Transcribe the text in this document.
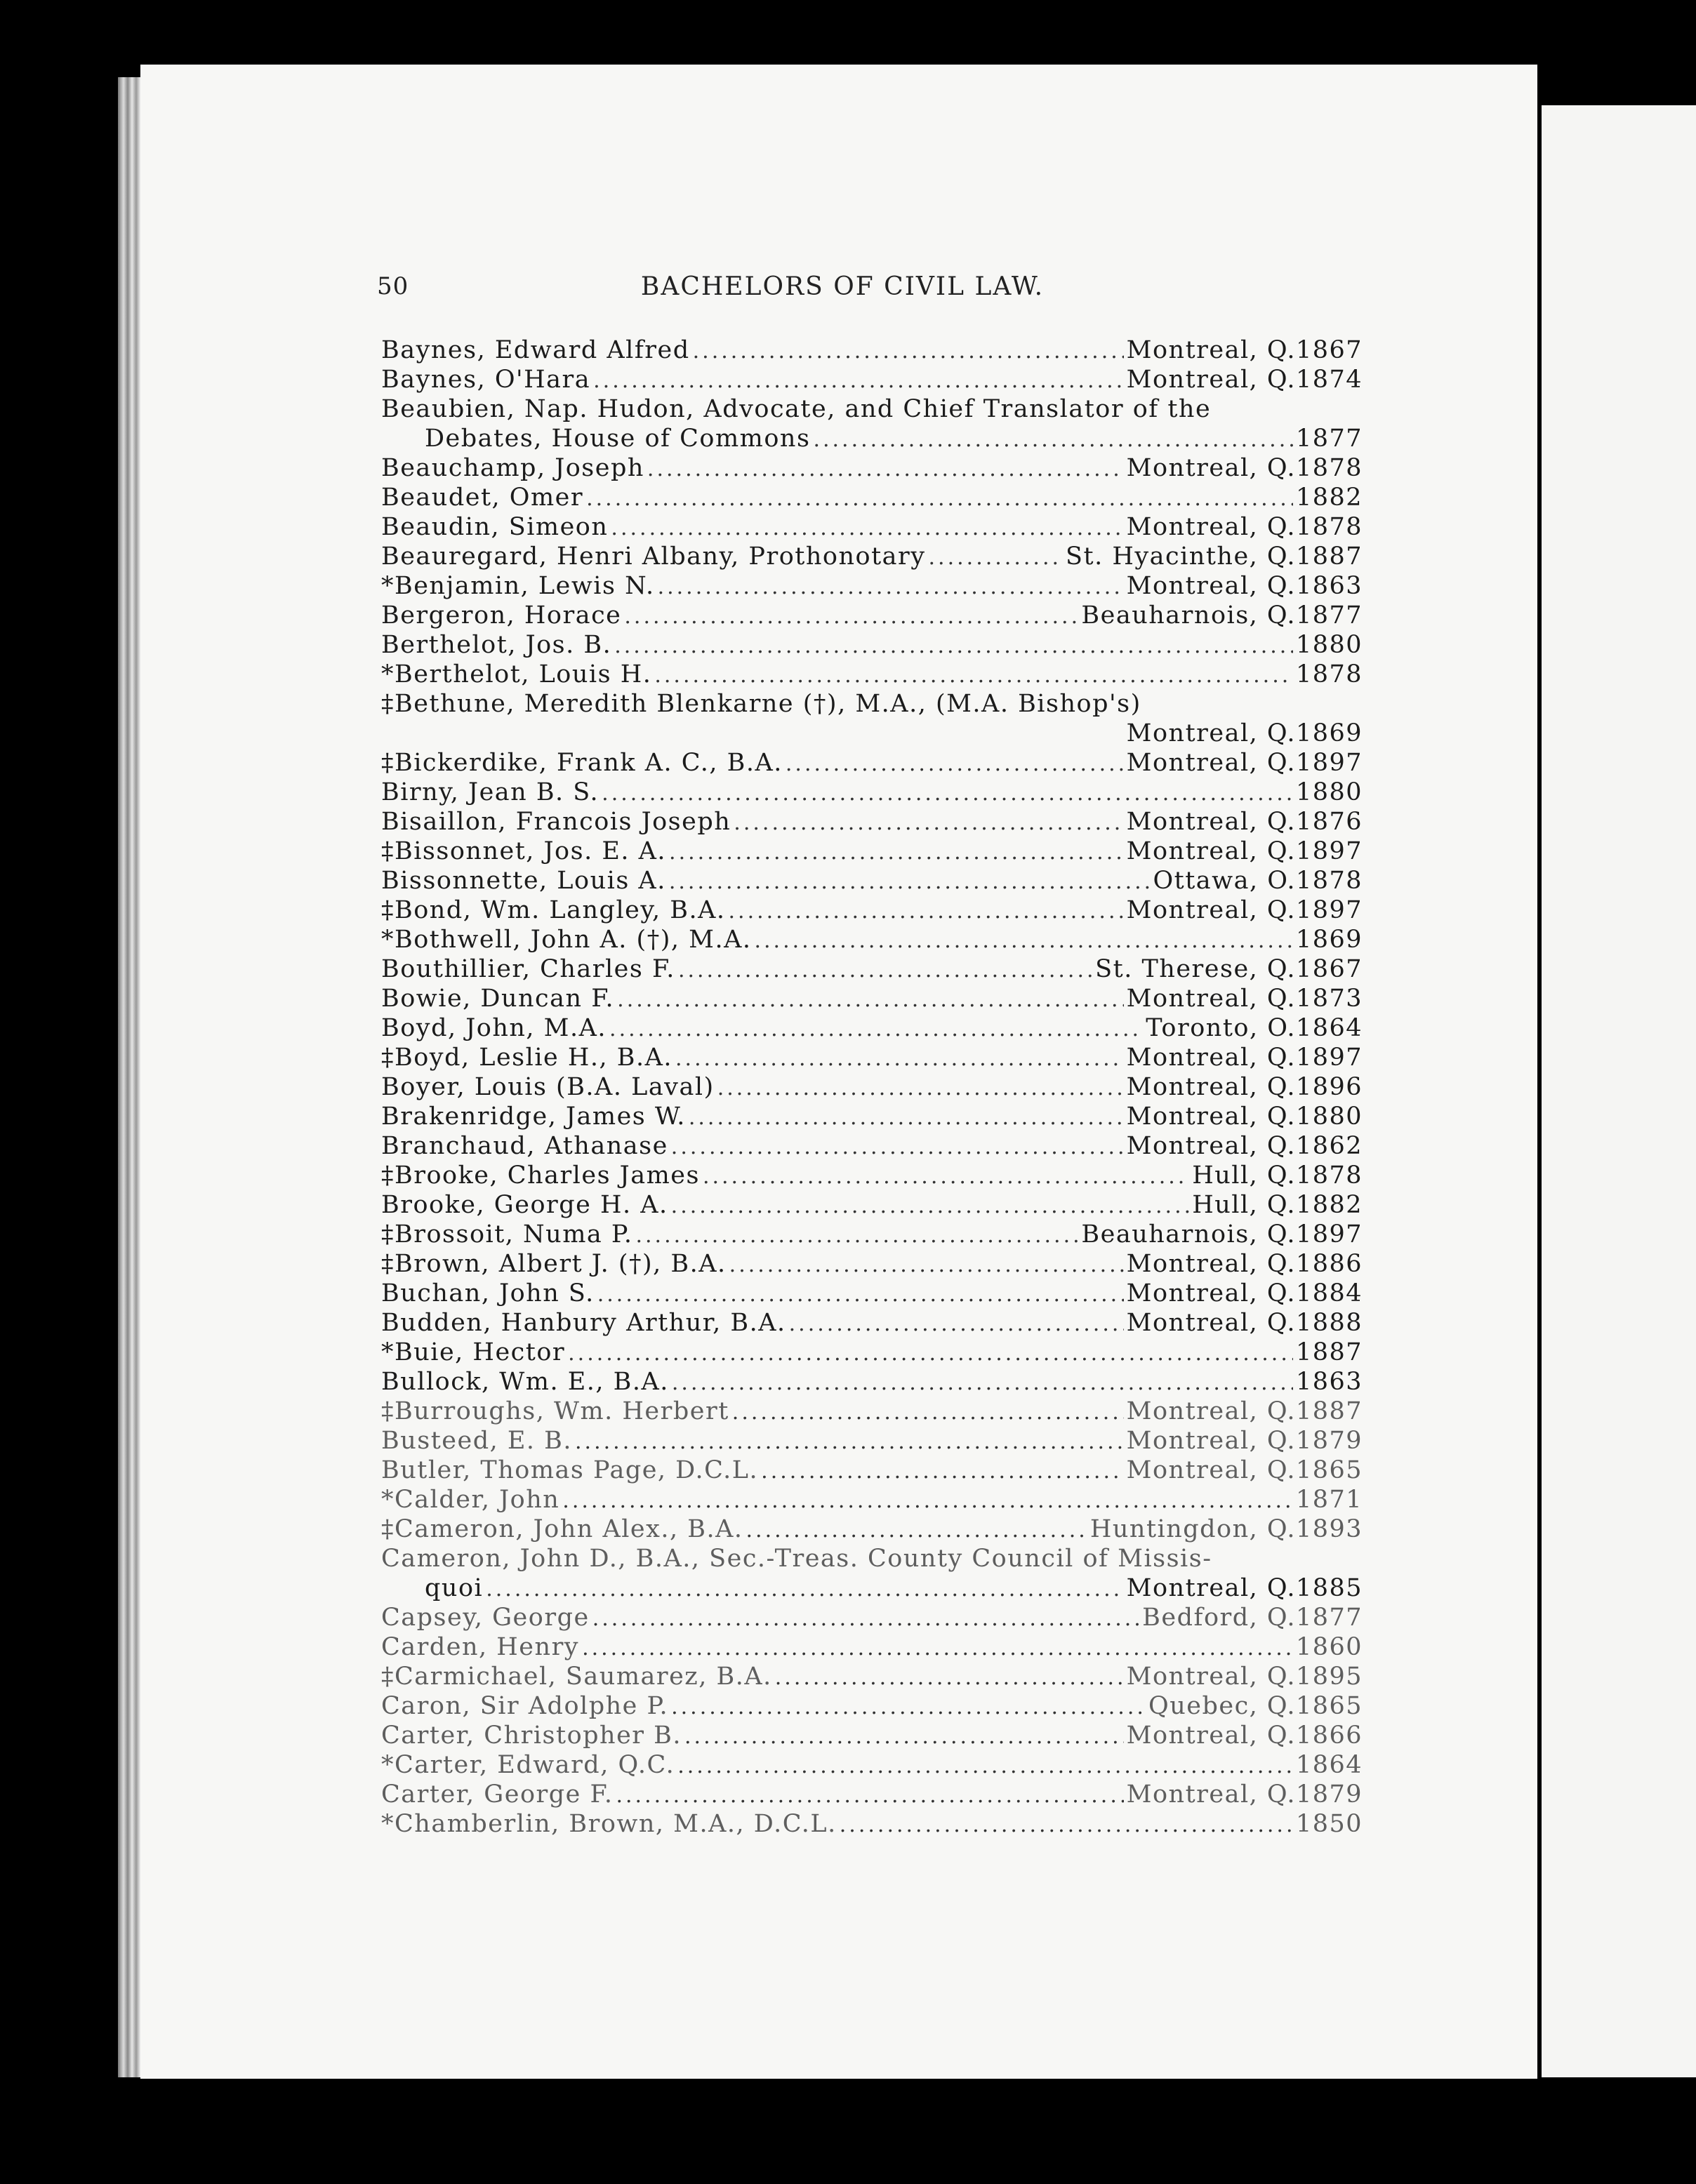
50	BACHELORS OF CIVIL LAW.
Baynes, Edward Alfred .....	Montreal, Q. 1867
Baynes, O'Hara .....	Montreal, Q. 1874
Beaubien, Nap. Hudon, Advocate, and Chief Translator of the
Debates, House of Commons .....	1877
Beauchamp, Joseph .....	Montreal, Q. 1878
Beaudet, Omer .....	1882
Beaudin, Simeon .....	Montreal, Q. 1878
Beauregard, Henri Albany, Prothonotary .....	St. Hyacinthe, Q. 1887
*Benjamin, Lewis N. .....	Montreal, Q. 1863
Bergeron, Horace .....	Beauharnois, Q. 1877
Berthelot, Jos. B. .....	1880
*Berthelot, Louis H. .....	1878
‡Bethune, Meredith Blenkarne (†), M.A., (M.A. Bishop's)
Montreal, Q. 1869
‡Bickerdike, Frank A. C., B.A. .....	Montreal, Q. 1897
Birny, Jean B. S. .....	1880
Bisaillon, Francois Joseph .....	Montreal, Q. 1876
‡Bissonnet, Jos. E. A. .....	Montreal, Q. 1897
Bissonnette, Louis A. .....	Ottawa, O. 1878
‡Bond, Wm. Langley, B.A. .....	Montreal, Q. 1897
*Bothwell, John A. (†), M.A. .....	1869
Bouthillier, Charles F. .....	St. Therese, Q. 1867
Bowie, Duncan F. .....	Montreal, Q. 1873
Boyd, John, M.A. .....	Toronto, O. 1864
‡Boyd, Leslie H., B.A. .....	Montreal, Q. 1897
Boyer, Louis (B.A. Laval) .....	Montreal, Q. 1896
Brakenridge, James W. .....	Montreal, Q. 1880
Branchaud, Athanase .....	Montreal, Q. 1862
‡Brooke, Charles James .....	Hull, Q. 1878
Brooke, George H. A. .....	Hull, Q. 1882
‡Brossoit, Numa P. .....	Beauharnois, Q. 1897
‡Brown, Albert J. (†), B.A. .....	Montreal, Q. 1886
Buchan, John S. .....	Montreal, Q. 1884
Budden, Hanbury Arthur, B.A. .....	Montreal, Q. 1888
*Buie, Hector .....	1887
Bullock, Wm. E., B.A. .....	1863
‡Burroughs, Wm. Herbert .....	Montreal, Q. 1887
Busteed, E. B. .....	Montreal, Q. 1879
Butler, Thomas Page, D.C.L. .....	Montreal, Q. 1865
*Calder, John .....	1871
‡Cameron, John Alex., B.A. .....	Huntingdon, Q. 1893
Cameron, John D., B.A., Sec.-Treas. County Council of Missis-
quoi .....	Montreal, Q. 1885
Capsey, George .....	Bedford, Q. 1877
Carden, Henry .....	1860
‡Carmichael, Saumarez, B.A. .....	Montreal, Q. 1895
Caron, Sir Adolphe P. .....	Quebec, Q. 1865
Carter, Christopher B. .....	Montreal, Q. 1866
*Carter, Edward, Q.C. .....	1864
Carter, George F. .....	Montreal, Q. 1879
*Chamberlin, Brown, M.A., D.C.L. .....	1850
